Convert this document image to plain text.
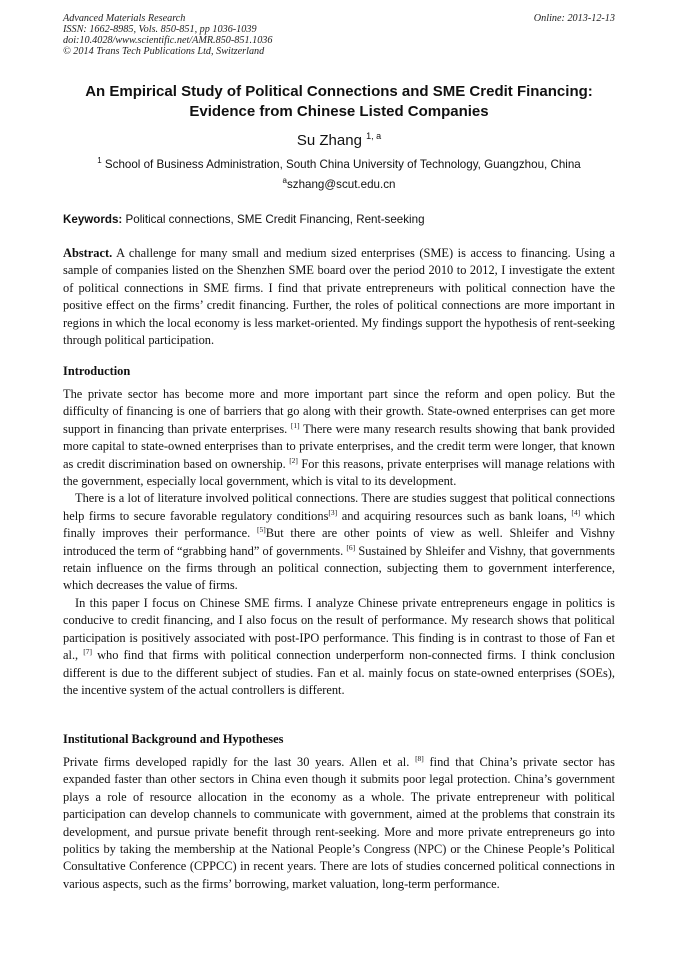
Advanced Materials Research
ISSN: 1662-8985, Vols. 850-851, pp 1036-1039
doi:10.4028/www.scientific.net/AMR.850-851.1036
© 2014 Trans Tech Publications Ltd, Switzerland
Online: 2013-12-13
An Empirical Study of Political Connections and SME Credit Financing:
Evidence from Chinese Listed Companies
Su Zhang $^{1, a}$
$^1$ School of Business Administration, South China University of Technology, Guangzhou, China
$^a$szhang@scut.edu.cn
Keywords: Political connections, SME Credit Financing, Rent-seeking
Abstract. A challenge for many small and medium sized enterprises (SME) is access to financing. Using a sample of companies listed on the Shenzhen SME board over the period 2010 to 2012, I investigate the extent of political connections in SME firms. I find that private entrepreneurs with political connection have the positive effect on the firms’ credit financing. Further, the roles of political connections are more important in regions in which the local economy is less market-oriented. My findings support the hypothesis of rent-seeking through political participation.
Introduction

The private sector has become more and more important part since the reform and open policy. But the difficulty of financing is one of barriers that go along with their growth. State-owned enterprises can get more support in financing than private enterprises. [1] There were many research results showing that bank provided more capital to state-owned enterprises than to private enterprises, and the credit term were longer, that known as credit discrimination based on ownership. [2] For this reasons, private enterprises will manage relations with the government, especially local government, which is vital to its development.

There is a lot of literature involved political connections. There are studies suggest that political connections help firms to secure favorable regulatory conditions[3] and acquiring resources such as bank loans, [4] which finally improves their performance. [5]But there are other points of view as well. Shleifer and Vishny introduced the term of “grabbing hand” of governments. [6] Sustained by Shleifer and Vishny, that governments retain influence on the firms through an political connection, subjecting them to government interference, which decreases the value of firms.

In this paper I focus on Chinese SME firms. I analyze Chinese private entrepreneurs engage in politics is conducive to credit financing, and I also focus on the result of performance. My research shows that political participation is positively associated with post-IPO performance. This finding is in contrast to those of Fan et al., [7] who find that firms with political connection underperform non-connected firms. I think conclusion different is due to the different subject of studies. Fan et al. mainly focus on state-owned enterprises (SOEs), the incentive system of the actual controllers is different.

Institutional Background and Hypotheses

Private firms developed rapidly for the last 30 years. Allen et al. [8] find that China’s private sector has expanded faster than other sectors in China even though it submits poor legal protection. China’s government plays a role of resource allocation in the economy as a whole. The private entrepreneur with political participation can develop channels to communicate with government, aimed at the problems that constrain its development, and pursue private benefit through rent-seeking. More and more private entrepreneurs go into politics by taking the membership at the National People’s Congress (NPC) or the Chinese People’s Political Consultative Conference (CPPCC) in recent years. There are lots of studies concerned political connections in various aspects, such as the firms’ borrowing, market valuation, long-term performance.
